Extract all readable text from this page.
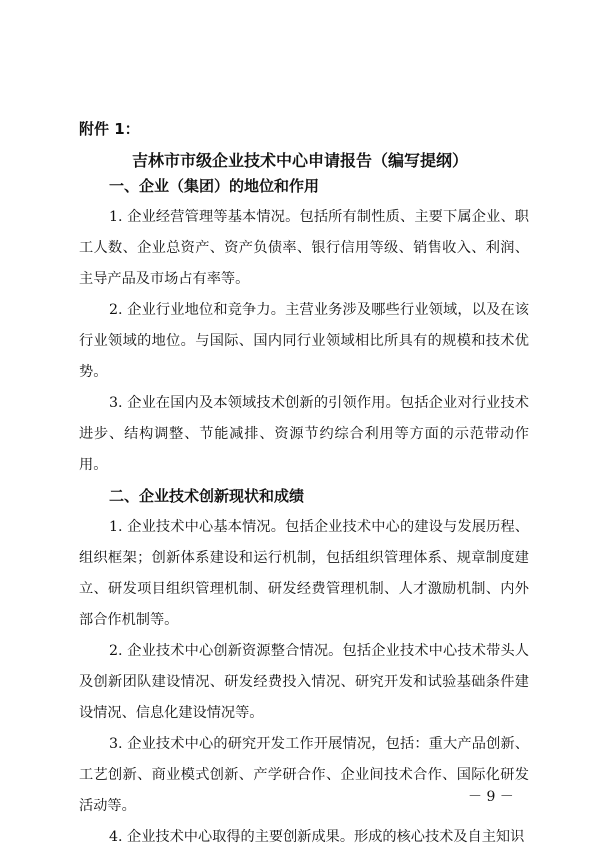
附件 1：
吉林市市级企业技术中心申请报告（编写提纲）

一、企业（集团）的地位和作用

1. 企业经营管理等基本情况。包括所有制性质、主要下属企业、职工人数、企业总资产、资产负债率、银行信用等级、销售收入、利润、主导产品及市场占有率等。

2. 企业行业地位和竞争力。主营业务涉及哪些行业领域，以及在该行业领域的地位。与国际、国内同行业领域相比所具有的规模和技术优势。

3. 企业在国内及本领域技术创新的引领作用。包括企业对行业技术进步、结构调整、节能减排、资源节约综合利用等方面的示范带动作用。

二、企业技术创新现状和成绩

1. 企业技术中心基本情况。包括企业技术中心的建设与发展历程、组织框架；创新体系建设和运行机制，包括组织管理体系、规章制度建立、研发项目组织管理机制、研发经费管理机制、人才激励机制、内外部合作机制等。

2. 企业技术中心创新资源整合情况。包括企业技术中心技术带头人及创新团队建设情况、研发经费投入情况、研究开发和试验基础条件建设情况、信息化建设情况等。

3. 企业技术中心的研究开发工作开展情况，包括：重大产品创新、工艺创新、商业模式创新、产学研合作、企业间技术合作、国际化研发活动等。

4. 企业技术中心取得的主要创新成果。形成的核心技术及自主知识

－ 9 －
